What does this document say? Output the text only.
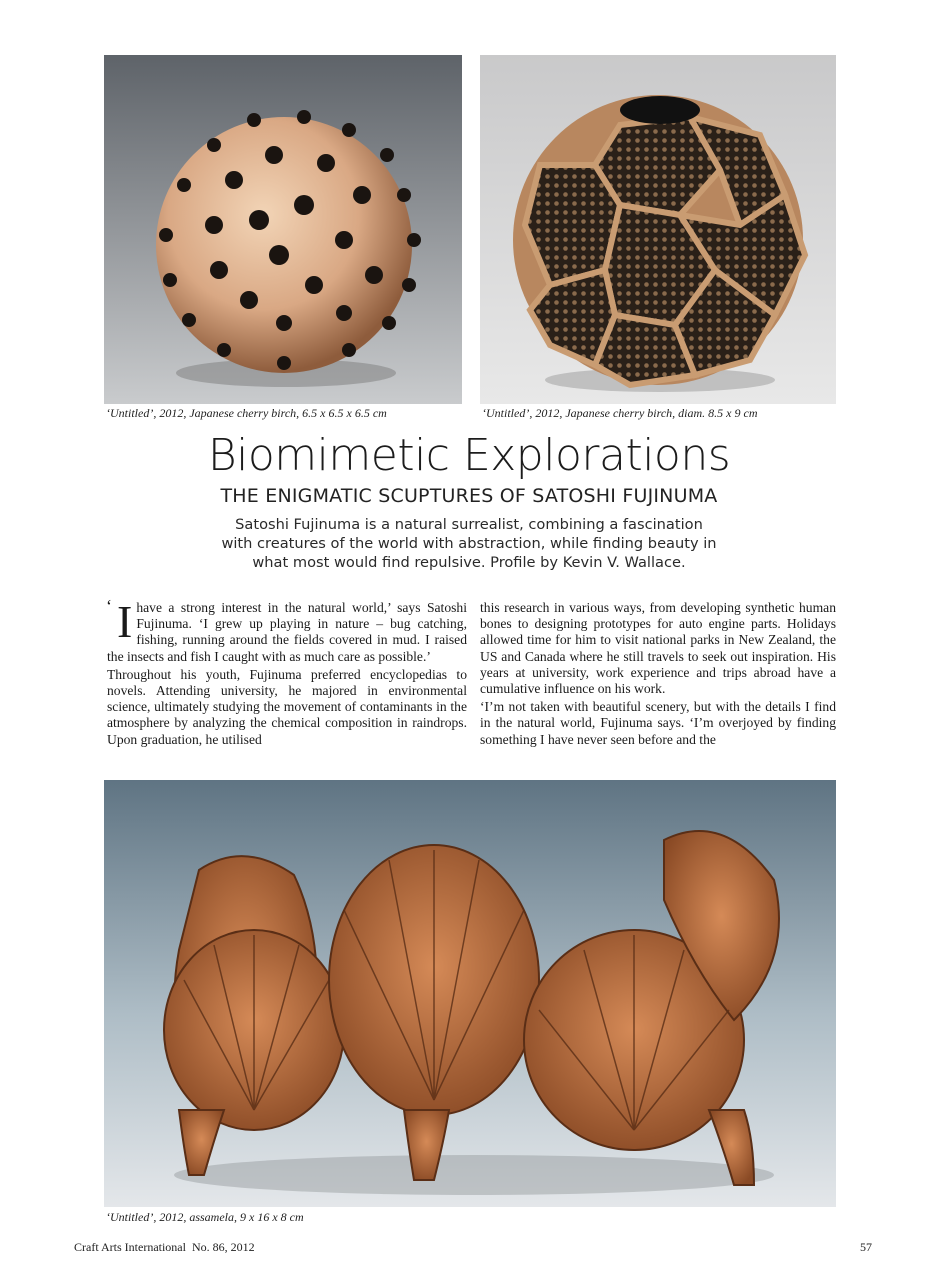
‘Untitled’, 2012, Japanese cherry birch, 6.5 x 6.5 x 6.5 cm	‘Untitled’, 2012, Japanese cherry birch, diam. 8.5 x 9 cm
Biomimetic Explorations
THE ENIGMATIC SCUPTURES OF SATOSHI FUJINUMA
Satoshi Fujinuma is a natural surrealist, combining a fascination with creatures of the world with abstraction, while finding beauty in what most would find repulsive. Profile by Kevin V. Wallace.

‘ I have a strong interest in the natural world,’ says Satoshi Fujinuma. ‘I grew up playing in nature – bug catching, fishing, running around the fields covered in mud. I raised the insects and fish I caught with as much care as possible.’

Throughout his youth, Fujinuma preferred encyclopedias to novels. Attending university, he majored in environmental science, ultimately studying the movement of contaminants in the atmosphere by analyzing the chemical composition in raindrops. Upon graduation, he utilised

this research in various ways, from developing synthetic human bones to designing prototypes for auto engine parts. Holidays allowed time for him to visit national parks in New Zealand, the US and Canada where he still travels to seek out inspiration. His years at university, work experience and trips abroad have a cumulative influence on his work.

‘I’m not taken with beautiful scenery, but with the details I find in the natural world, Fujinuma says. ‘I’m overjoyed by finding something I have never seen before and the

‘Untitled’, 2012, assamela, 9 x 16 x 8 cm
Craft Arts International  No. 86, 2012	57
